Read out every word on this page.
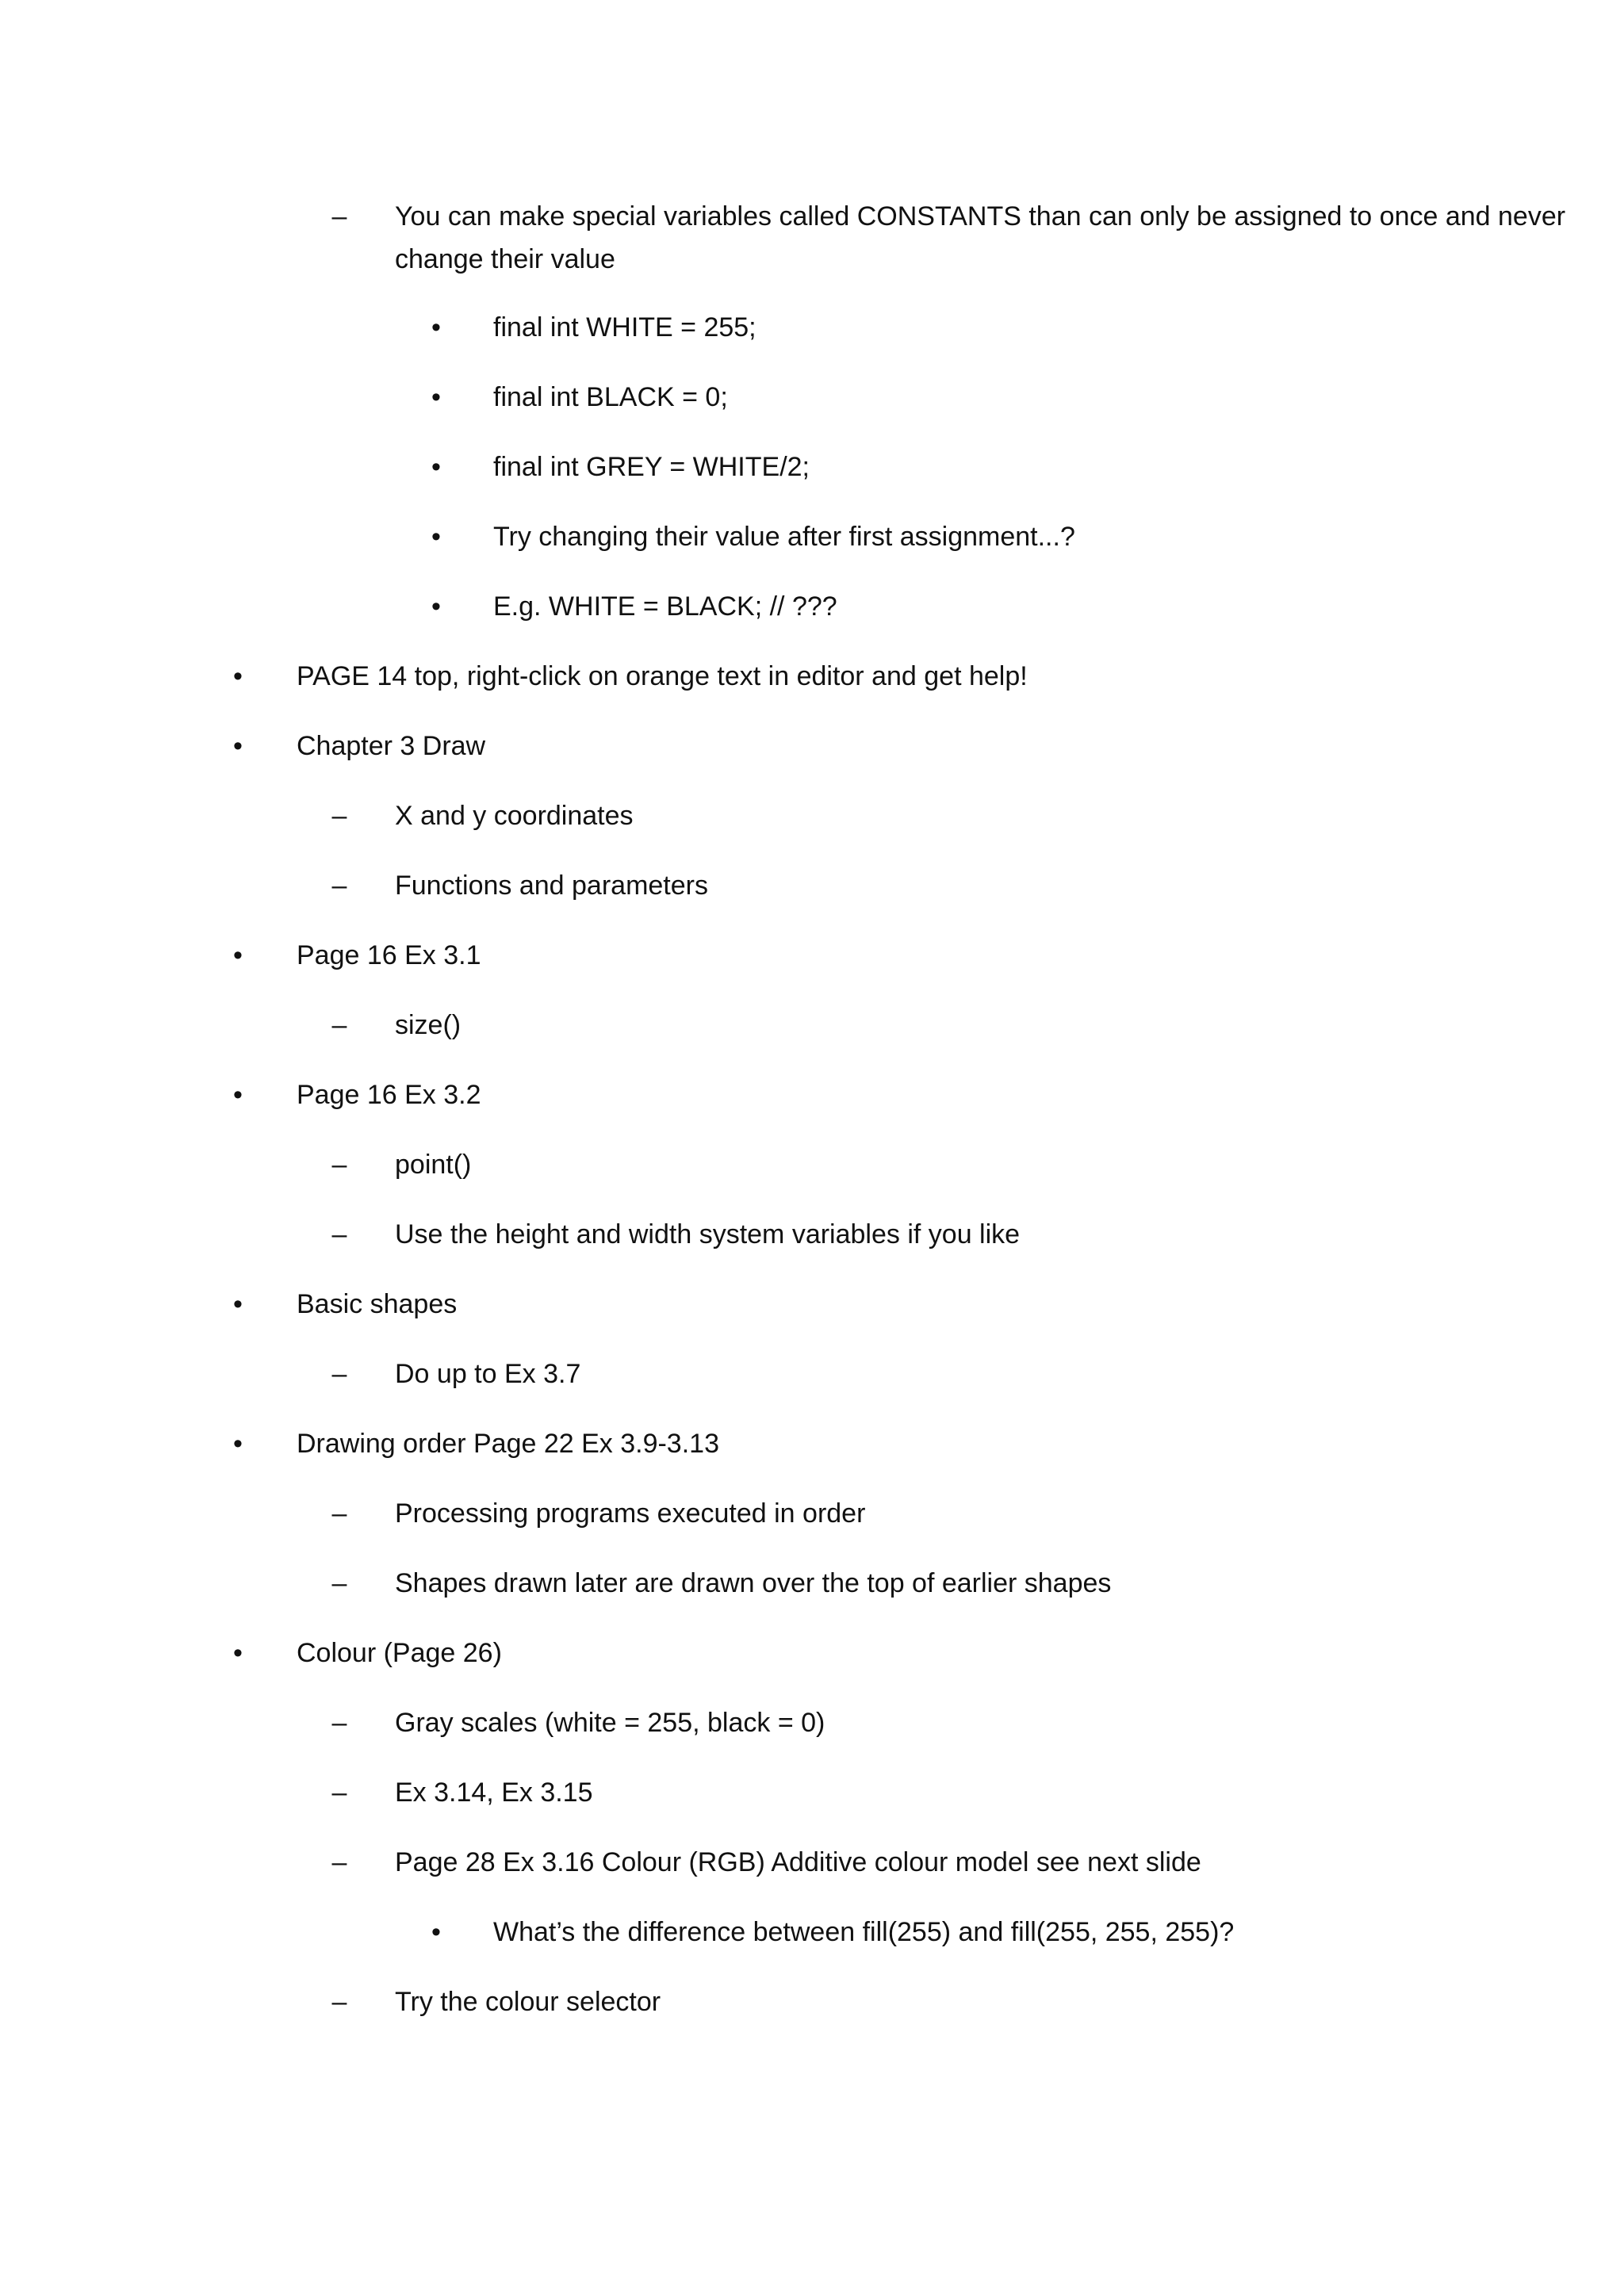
–	You can make special variables called CONSTANTS than can only be assigned to once and never change their value
•	final int WHITE = 255;
•	final int BLACK = 0;
•	final int GREY = WHITE/2;
•	Try changing their value after first assignment...?
•	E.g. WHITE = BLACK; // ???
•	PAGE 14 top, right-click on orange text in editor and get help!
•	Chapter 3 Draw
–	X and y coordinates
–	Functions and parameters
•	Page 16 Ex 3.1
–	size()
•	Page 16 Ex 3.2
–	point()
–	Use the height and width system variables if you like
•	Basic shapes
–	Do up to Ex 3.7
•	Drawing order Page 22 Ex 3.9-3.13
–	Processing programs executed in order
–	Shapes drawn later are drawn over the top of earlier shapes
•	Colour (Page 26)
–	Gray scales (white = 255, black = 0)
–	Ex 3.14, Ex 3.15
–	Page 28 Ex 3.16 Colour (RGB) Additive colour model see next slide
•	What’s the difference between fill(255) and fill(255, 255, 255)?
–	Try the colour selector
